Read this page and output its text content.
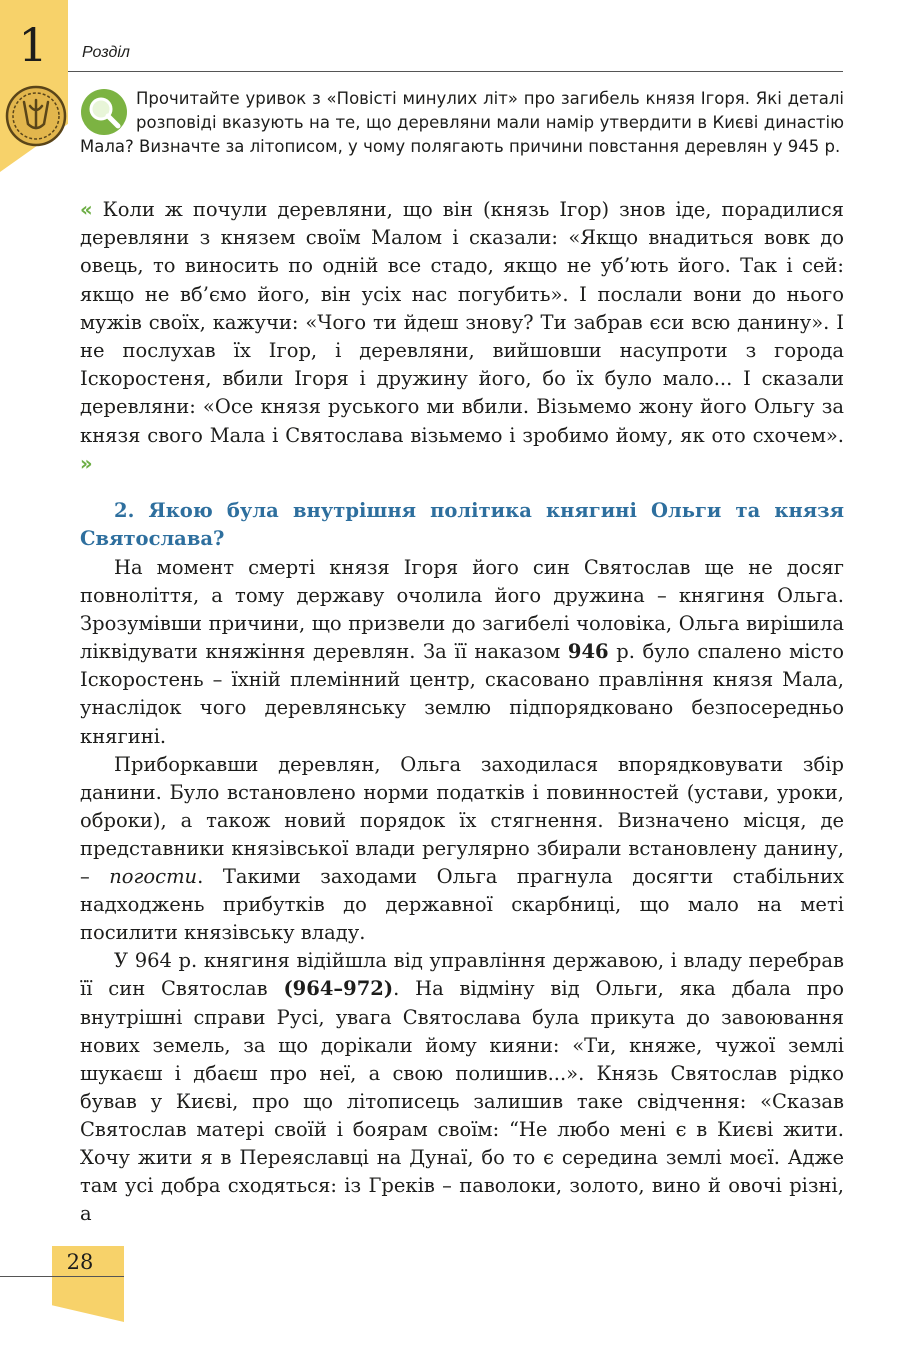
1	Розділ

Прочитайте уривок з «Повісті минулих літ» про загибель князя Ігоря. Які деталі розповіді вказують на те, що деревляни мали намір утвердити в Києві династію Мала? Визначте за літописом, у чому полягають причини повстання деревлян у 945 р.

« Коли ж почули деревляни, що він (князь Ігор) знов іде, порадилися деревляни з князем своїм Малом і сказали: «Якщо внадиться вовк до овець, то виносить по одній все стадо, якщо не уб’ють його. Так і сей: якщо не вб’ємо його, він усіх нас погубить». І послали вони до нього мужів своїх, кажучи: «Чого ти йдеш знову? Ти забрав єси всю данину». І не послухав їх Ігор, і деревляни, вийшовши насупроти з города Іскоростеня, вбили Ігоря і дружину його, бо їх було мало... І сказали деревляни: «Осе князя руського ми вбили. Візьмемо жону його Ольгу за князя свого Мала і Святослава візьмемо і зробимо йому, як ото схочем». »

2. Якою була внутрішня політика княгині Ольги та князя Святослава?

На момент смерті князя Ігоря його син Святослав ще не досяг повноліття, а тому державу очолила його дружина – княгиня Ольга. Зрозумівши причини, що призвели до загибелі чоловіка, Ольга вирішила ліквідувати княжіння деревлян. За її наказом 946 р. було спалено місто Іскоростень – їхній племінний центр, скасовано правління князя Мала, унаслідок чого деревлянську землю підпорядковано безпосередньо княгині.

Приборкавши деревлян, Ольга заходилася впорядковувати збір данини. Було встановлено норми податків і повинностей (устави, уроки, оброки), а також новий порядок їх стягнення. Визначено місця, де представники князівської влади регулярно збирали встановлену данину, – погости. Такими заходами Ольга прагнула досягти стабільних надходжень прибутків до державної скарбниці, що мало на меті посилити князівську владу.

У 964 р. княгиня відійшла від управління державою, і владу перебрав її син Святослав (964–972). На відміну від Ольги, яка дбала про внутрішні справи Русі, увага Святослава була прикута до завоювання нових земель, за що дорікали йому кияни: «Ти, княже, чужої землі шукаєш і дбаєш про неї, а свою полишив...». Князь Святослав рідко бував у Києві, про що літописець залишив таке свідчення: «Сказав Святослав матері своїй і боярам своїм: “Не любо мені є в Києві жити. Хочу жити я в Переяславці на Дунаї, бо то є середина землі моєї. Адже там усі добра сходяться: із Греків – паволоки, золото, вино й овочі різні, а

28
